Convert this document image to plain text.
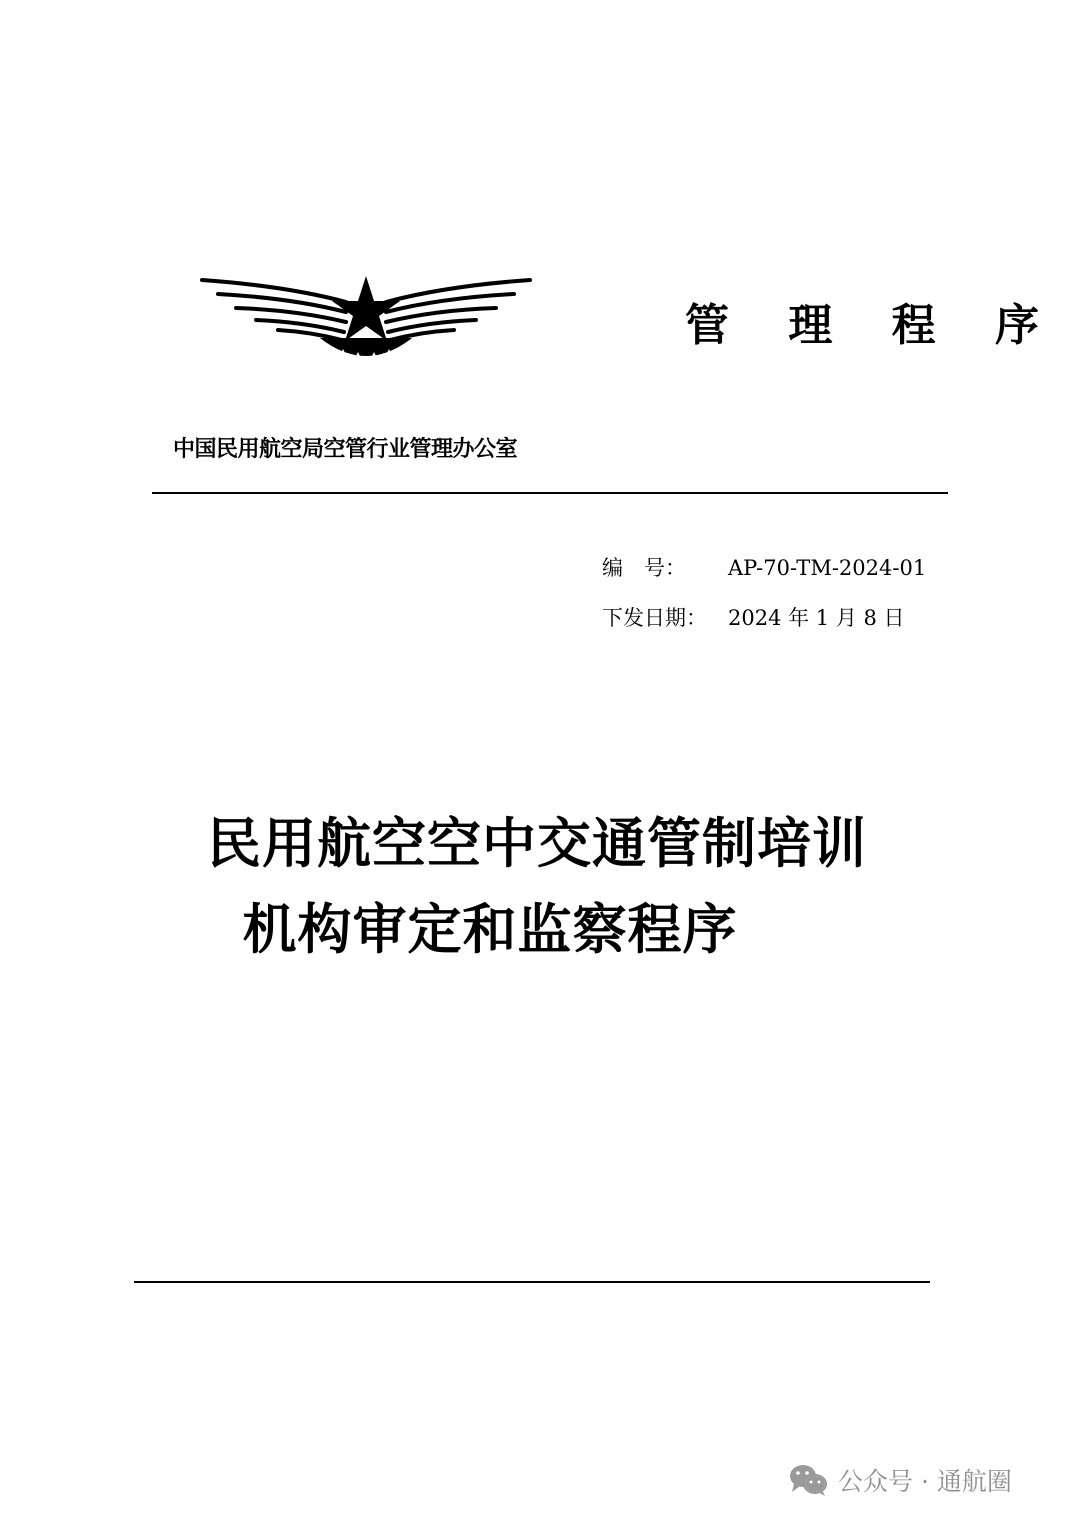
管 理 程 序
中国民用航空局空管行业管理办公室
编　号： AP-70-TM-2024-01
下发日期： 2024 年 1 月 8 日
民用航空空中交通管制培训
机构审定和监察程序
公众号 · 通航圈
